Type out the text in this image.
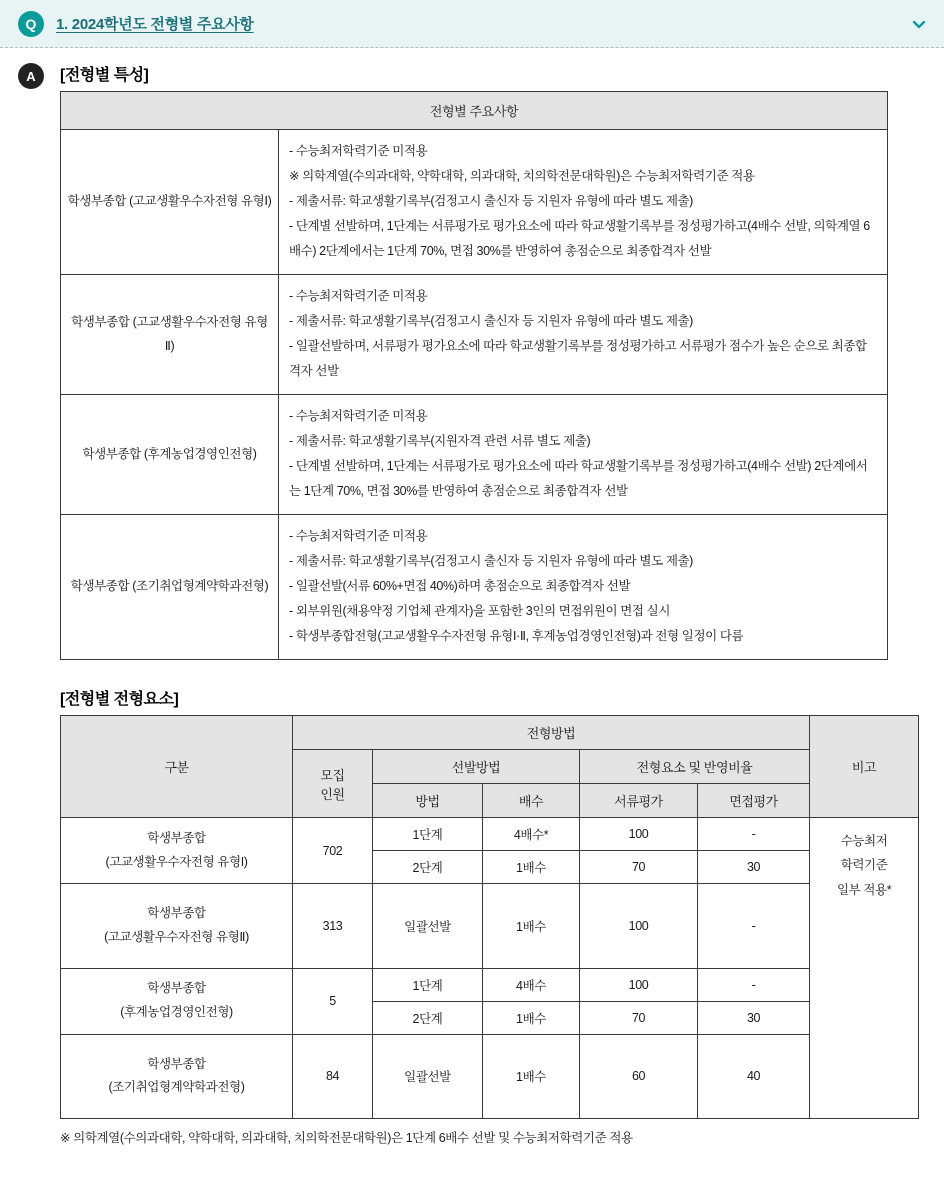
Q	1. 2024학년도 전형별 주요사항
A	[전형별 특성]
전형별 주요사항	
학생부종합 (고교생활우수자전형 유형Ⅰ)	- 수능최저학력기준 미적용
※ 의학계열(수의과대학, 약학대학, 의과대학, 치의학전문대학원)은 수능최저학력기준 적용
- 제출서류: 학교생활기록부(검정고시 출신자 등 지원자 유형에 따라 별도 제출)
- 단계별 선발하며, 1단계는 서류평가로 평가요소에 따라 학교생활기록부를 정성평가하고(4배수 선발, 의학계열 6배수) 2단계에서는 1단계 70%, 면접 30%를 반영하여 총점순으로 최종합격자 선발

학생부종합 (고교생활우수자전형 유형Ⅱ)	- 수능최저학력기준 미적용
- 제출서류: 학교생활기록부(검정고시 출신자 등 지원자 유형에 따라 별도 제출)
- 일괄선발하며, 서류평가 평가요소에 따라 학교생활기록부를 정성평가하고 서류평가 점수가 높은 순으로 최종합격자 선발

학생부종합 (후계농업경영인전형)	- 수능최저학력기준 미적용
- 제출서류: 학교생활기록부(지원자격 관련 서류 별도 제출)
- 단계별 선발하며, 1단계는 서류평가로 평가요소에 따라 학교생활기록부를 정성평가하고(4배수 선발) 2단계에서는 1단계 70%, 면접 30%를 반영하여 총점순으로 최종합격자 선발

학생부종합 (조기취업형계약학과전형)	- 수능최저학력기준 미적용
- 제출서류: 학교생활기록부(검정고시 출신자 등 지원자 유형에 따라 별도 제출)
- 일괄선발(서류 60%+면접 40%)하며 총점순으로 최종합격자 선발
- 외부위원(채용약정 기업체 관계자)을 포함한 3인의 면접위원이 면접 실시
- 학생부종합전형(고교생활우수자전형 유형Ⅰ·Ⅱ, 후계농업경영인전형)과 전형 일정이 다름
[전형별 전형요소]
구분	전형방법					비고

	모집
인원	선발방법		전형요소 및 반영비율		
		방법	배수	서류평가	면접평가	

학생부종합
(고교생활우수자전형 유형I)	702	1단계	4배수*	100	-	수능최저
학력기준
일부 적용*

		2단계	1배수	70	30	

학생부종합
(고교생활우수자전형 유형Ⅱ)	313	일괄선발	1배수	100	-	

학생부종합
(후계농업경영인전형)	5	1단계	4배수	100	-	
		2단계	1배수	70	30	

학생부종합
(조기취업형계약학과전형)	84	일괄선발	1배수	60	40	
※ 의학계열(수의과대학, 약학대학, 의과대학, 치의학전문대학원)은 1단계 6배수 선발 및 수능최저학력기준 적용
